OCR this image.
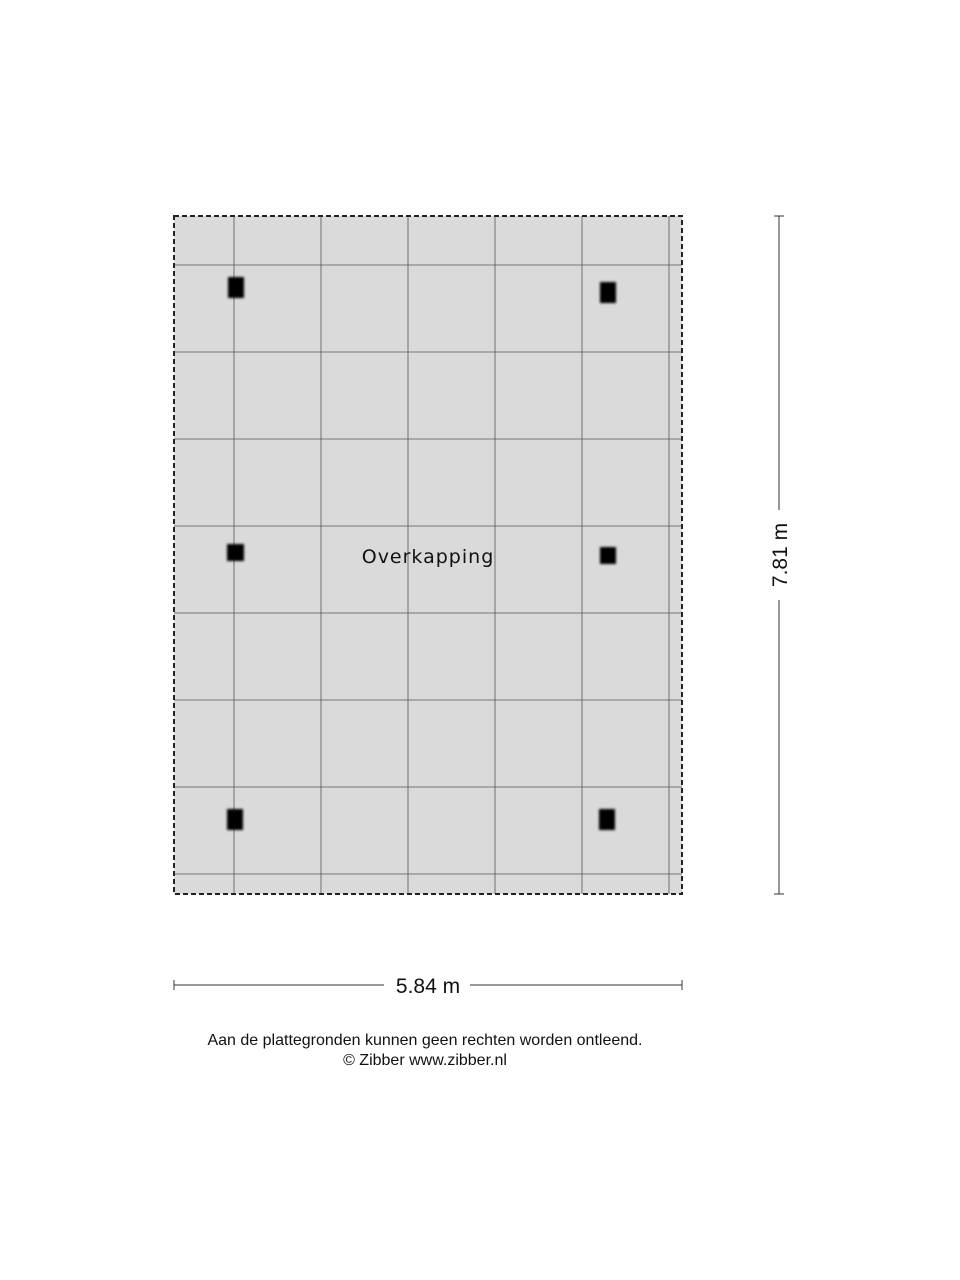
Overkapping
5.84 m
7.81 m
Aan de plattegronden kunnen geen rechten worden ontleend.
© Zibber www.zibber.nl
